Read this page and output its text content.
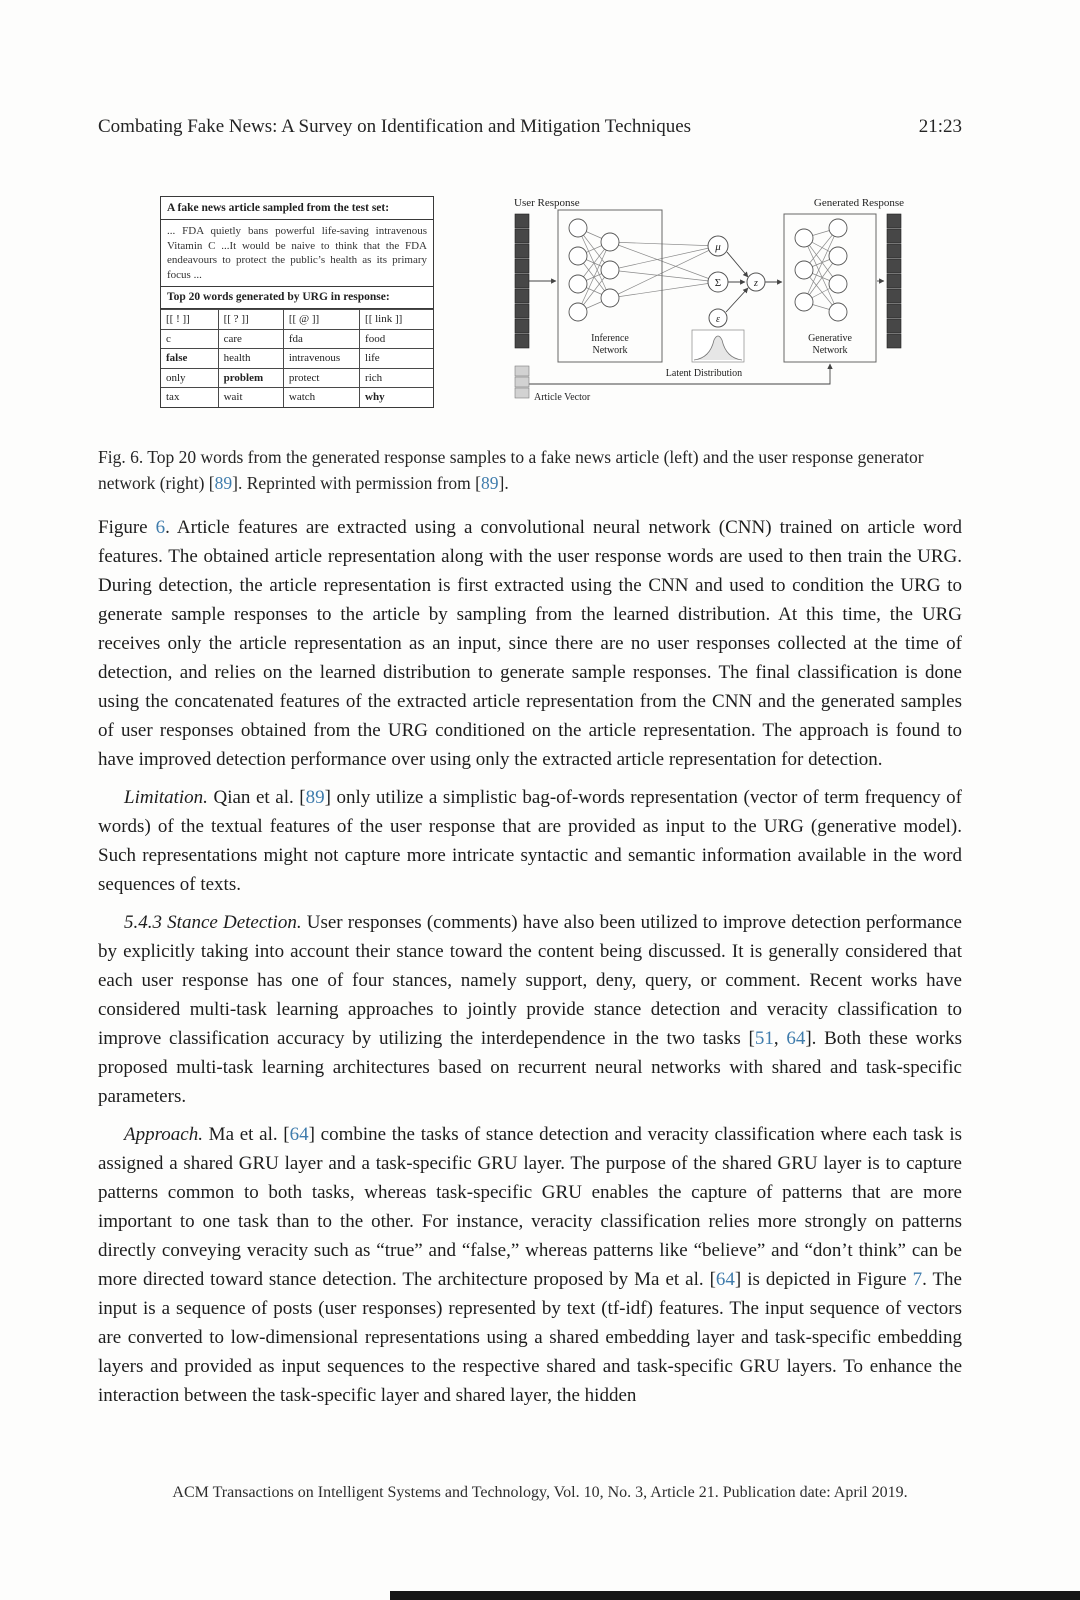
Combating Fake News: A Survey on Identification and Mitigation Techniques	21:23
A fake news article sampled from the test set:
... FDA quietly bans powerful life-saving intravenous Vitamin C ...It would be naive to think that the FDA endeavours to protect the public’s health as its primary focus ...
Top 20 words generated by URG in response:
[[ ! ]]	[[ ? ]]	[[ @ ]]	[[ link ]]
c	care	fda	food
false	health	intravenous	life
only	problem	protect	rich
tax	wait	watch	why
μ
Σ
ε
z
User Response	Generated Response
Inference
Network
Generative
Network
Latent Distribution
Article Vector

Fig. 6. Top 20 words from the generated response samples to a fake news article (left) and the user response generator network (right) [89]. Reprinted with permission from [89].

Figure 6. Article features are extracted using a convolutional neural network (CNN) trained on article word features. The obtained article representation along with the user response words are used to then train the URG. During detection, the article representation is first extracted using the CNN and used to condition the URG to generate sample responses to the article by sampling from the learned distribution. At this time, the URG receives only the article representation as an input, since there are no user responses collected at the time of detection, and relies on the learned distribution to generate sample responses. The final classification is done using the concatenated features of the extracted article representation from the CNN and the generated samples of user responses obtained from the URG conditioned on the article representation. The approach is found to have improved detection performance over using only the extracted article representation for detection.

Limitation. Qian et al. [89] only utilize a simplistic bag-of-words representation (vector of term frequency of words) of the textual features of the user response that are provided as input to the URG (generative model). Such representations might not capture more intricate syntactic and semantic information available in the word sequences of texts.

5.4.3 Stance Detection. User responses (comments) have also been utilized to improve detection performance by explicitly taking into account their stance toward the content being discussed. It is generally considered that each user response has one of four stances, namely support, deny, query, or comment. Recent works have considered multi-task learning approaches to jointly provide stance detection and veracity classification to improve classification accuracy by utilizing the interdependence in the two tasks [51, 64]. Both these works proposed multi-task learning architectures based on recurrent neural networks with shared and task-specific parameters.

Approach. Ma et al. [64] combine the tasks of stance detection and veracity classification where each task is assigned a shared GRU layer and a task-specific GRU layer. The purpose of the shared GRU layer is to capture patterns common to both tasks, whereas task-specific GRU enables the capture of patterns that are more important to one task than to the other. For instance, veracity classification relies more strongly on patterns directly conveying veracity such as “true” and “false,” whereas patterns like “believe” and “don’t think” can be more directed toward stance detection. The architecture proposed by Ma et al. [64] is depicted in Figure 7. The input is a sequence of posts (user responses) represented by text (tf-idf) features. The input sequence of vectors are converted to low-dimensional representations using a shared embedding layer and task-specific embedding layers and provided as input sequences to the respective shared and task-specific GRU layers. To enhance the interaction between the task-specific layer and shared layer, the hidden

ACM Transactions on Intelligent Systems and Technology, Vol. 10, No. 3, Article 21. Publication date: April 2019.
